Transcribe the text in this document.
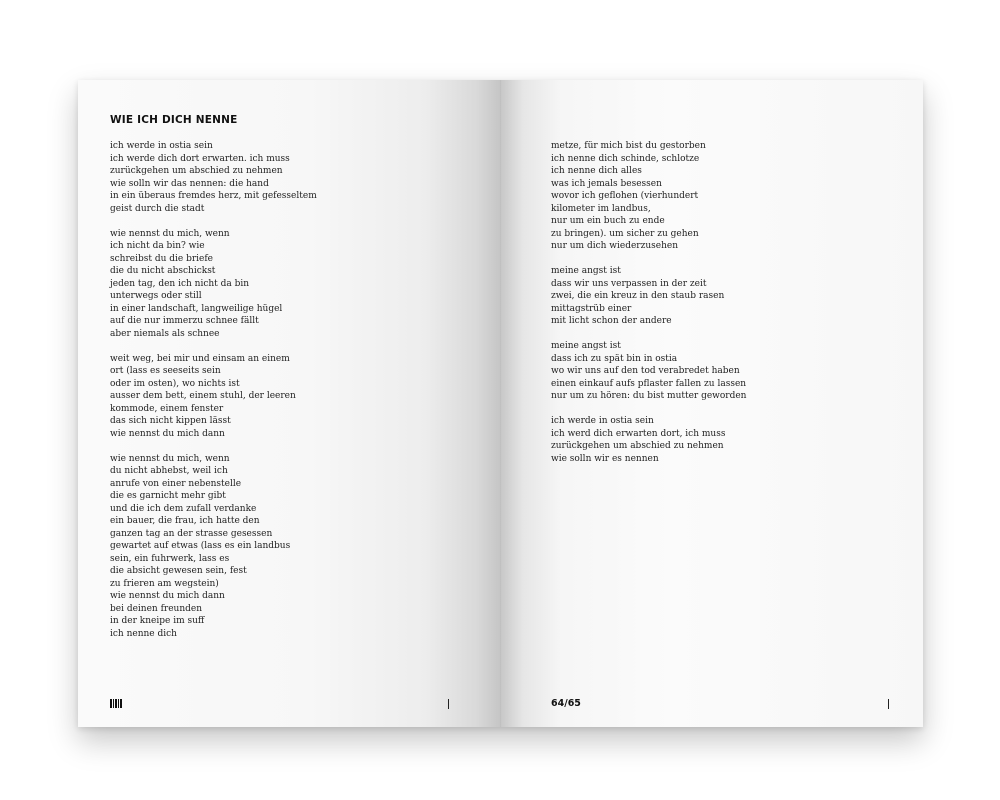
WIE ICH DICH NENNE
ich werde in ostia sein
ich werde dich dort erwarten. ich muss
zurückgehen um abschied zu nehmen
wie solln wir das nennen: die hand
in ein überaus fremdes herz, mit gefesseltem
geist durch die stadt
wie nennst du mich, wenn
ich nicht da bin? wie
schreibst du die briefe
die du nicht abschickst
jeden tag, den ich nicht da bin
unterwegs oder still
in einer landschaft, langweilige hügel
auf die nur immerzu schnee fällt
aber niemals als schnee
weit weg, bei mir und einsam an einem
ort (lass es seeseits sein
oder im osten), wo nichts ist
ausser dem bett, einem stuhl, der leeren
kommode, einem fenster
das sich nicht kippen lässt
wie nennst du mich dann
wie nennst du mich, wenn
du nicht abhebst, weil ich
anrufe von einer nebenstelle
die es garnicht mehr gibt
und die ich dem zufall verdanke
ein bauer, die frau, ich hatte den
ganzen tag an der strasse gesessen
gewartet auf etwas (lass es ein landbus
sein, ein fuhrwerk, lass es
die absicht gewesen sein, fest
zu frieren am wegstein)
wie nennst du mich dann
bei deinen freunden
in der kneipe im suff
ich nenne dich
metze, für mich bist du gestorben
ich nenne dich schinde, schlotze
ich nenne dich alles
was ich jemals besessen
wovor ich geflohen (vierhundert
kilometer im landbus,
nur um ein buch zu ende
zu bringen). um sicher zu gehen
nur um dich wiederzusehen
meine angst ist
dass wir uns verpassen in der zeit
zwei, die ein kreuz in den staub rasen
mittagstrüb einer
mit licht schon der andere
meine angst ist
dass ich zu spät bin in ostia
wo wir uns auf den tod verabredet haben
einen einkauf aufs pflaster fallen zu lassen
nur um zu hören: du bist mutter geworden
ich werde in ostia sein
ich werd dich erwarten dort, ich muss
zurückgehen um abschied zu nehmen
wie solln wir es nennen
64/65
